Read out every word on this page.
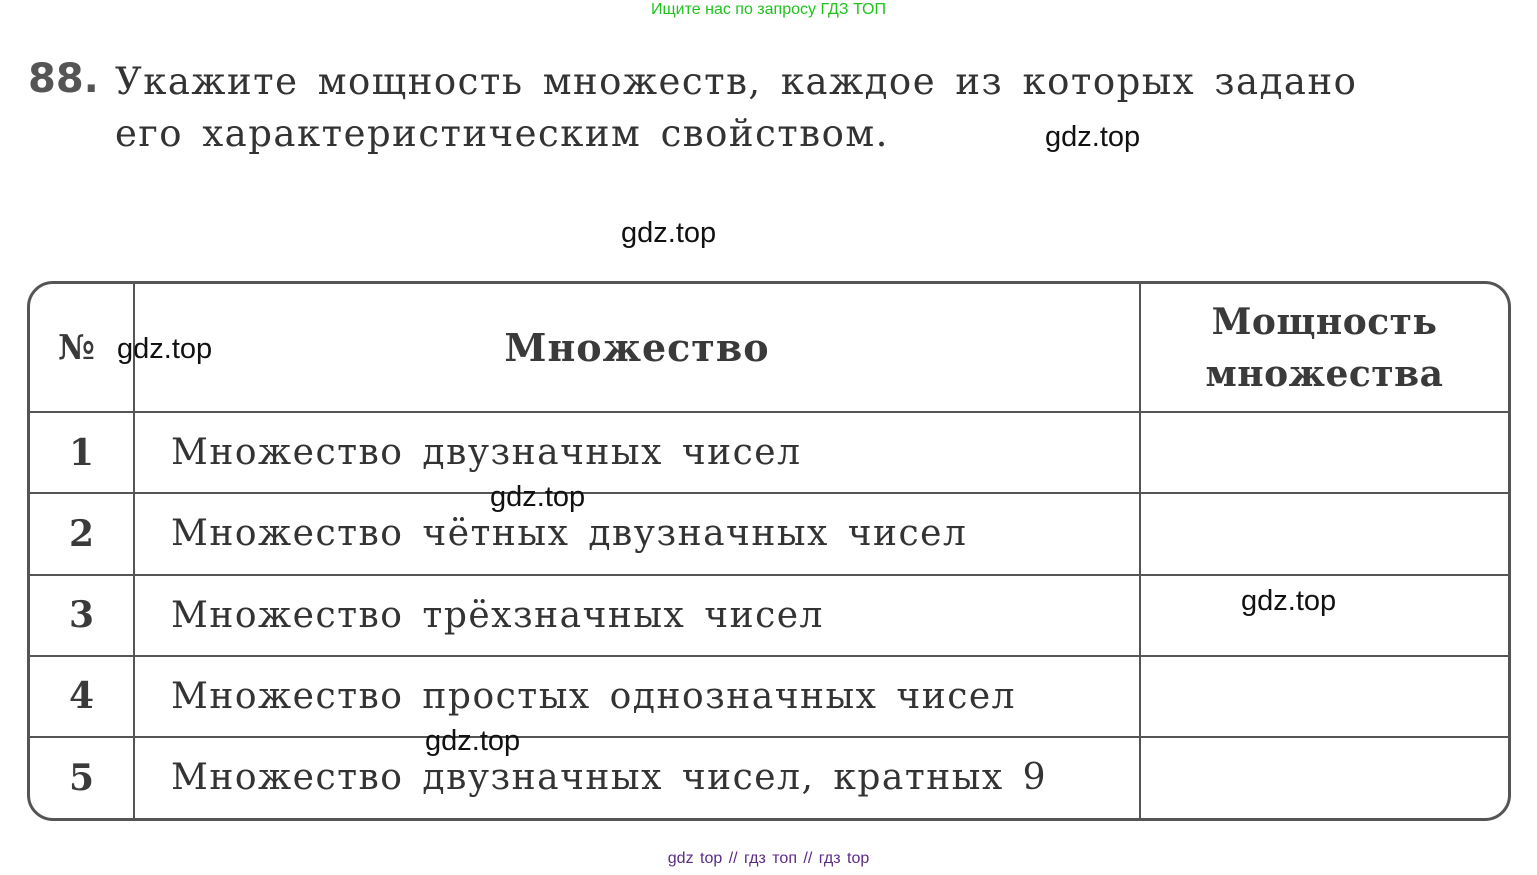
Ищите нас по запросу ГДЗ ТОП
88. Укажите мощность множеств, каждое из которых задано
его характеристическим свойством.
№	Множество	Мощность
множества

1	Множество двузначных чисел	
2	Множество чётных двузначных чисел	
3	Множество трёхзначных чисел	
4	Множество простых однозначных чисел	
5	Множество двузначных чисел, кратных 9	
gdz.top
gdz.top
gdz.top
gdz.top
gdz.top
gdz.top
gdz top // гдз топ // гдз top
